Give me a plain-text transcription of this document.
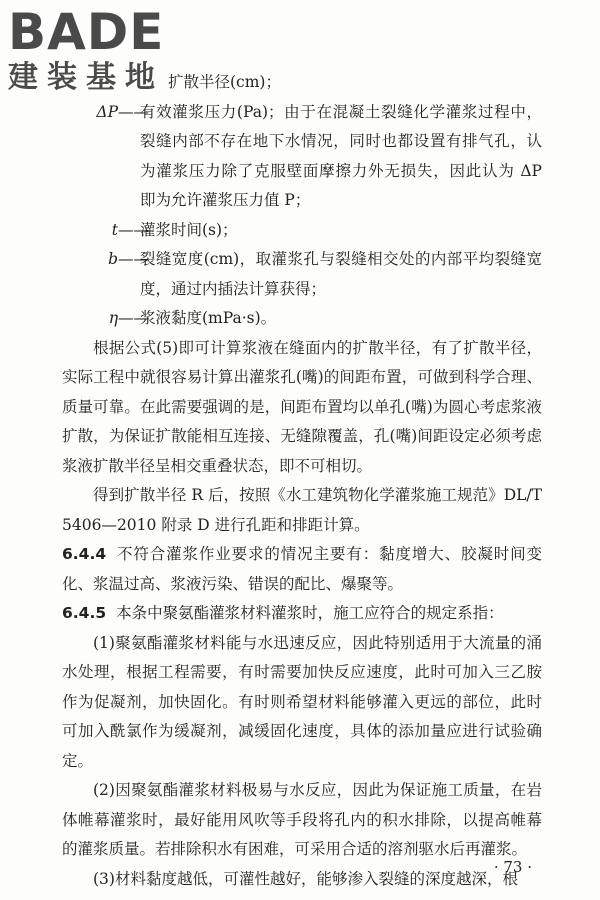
BADE
建装基地 扩散半径(cm)；
ΔP ——
有效灌浆压力(Pa)；由于在混凝土裂缝化学灌浆过程中，裂缝内部不存在地下水情况，同时也都设置有排气孔，认为灌浆压力除了克服壁面摩擦力外无损失，因此认为 ΔP 即为允许灌浆压力值 P；
t ——
灌浆时间(s)；
b ——
裂缝宽度(cm)，取灌浆孔与裂缝相交处的内部平均裂缝宽度，通过内插法计算获得；
η ——
浆液黏度(mPa·s)。

根据公式(5)即可计算浆液在缝面内的扩散半径，有了扩散半径，实际工程中就很容易计算出灌浆孔(嘴)的间距布置，可做到科学合理、质量可靠。在此需要强调的是，间距布置均以单孔(嘴)为圆心考虑浆液扩散，为保证扩散能相互连接、无缝隙覆盖，孔(嘴)间距设定必须考虑浆液扩散半径呈相交重叠状态，即不可相切。

得到扩散半径 R 后，按照《水工建筑物化学灌浆施工规范》DL/T 5406—2010 附录 D 进行孔距和排距计算。

6.4.4 不符合灌浆作业要求的情况主要有：黏度增大、胶凝时间变化、浆温过高、浆液污染、错误的配比、爆聚等。

6.4.5 本条中聚氨酯灌浆材料灌浆时，施工应符合的规定系指：

(1)聚氨酯灌浆材料能与水迅速反应，因此特别适用于大流量的涌水处理，根据工程需要，有时需要加快反应速度，此时可加入三乙胺作为促凝剂，加快固化。有时则希望材料能够灌入更远的部位，此时可加入酰氯作为缓凝剂，减缓固化速度，具体的添加量应进行试验确定。

(2)因聚氨酯灌浆材料极易与水反应，因此为保证施工质量，在岩体帷幕灌浆时，最好能用风吹等手段将孔内的积水排除，以提高帷幕的灌浆质量。若排除积水有困难，可采用合适的溶剂驱水后再灌浆。

(3)材料黏度越低，可灌性越好，能够渗入裂缝的深度越深，根

· 73 ·
